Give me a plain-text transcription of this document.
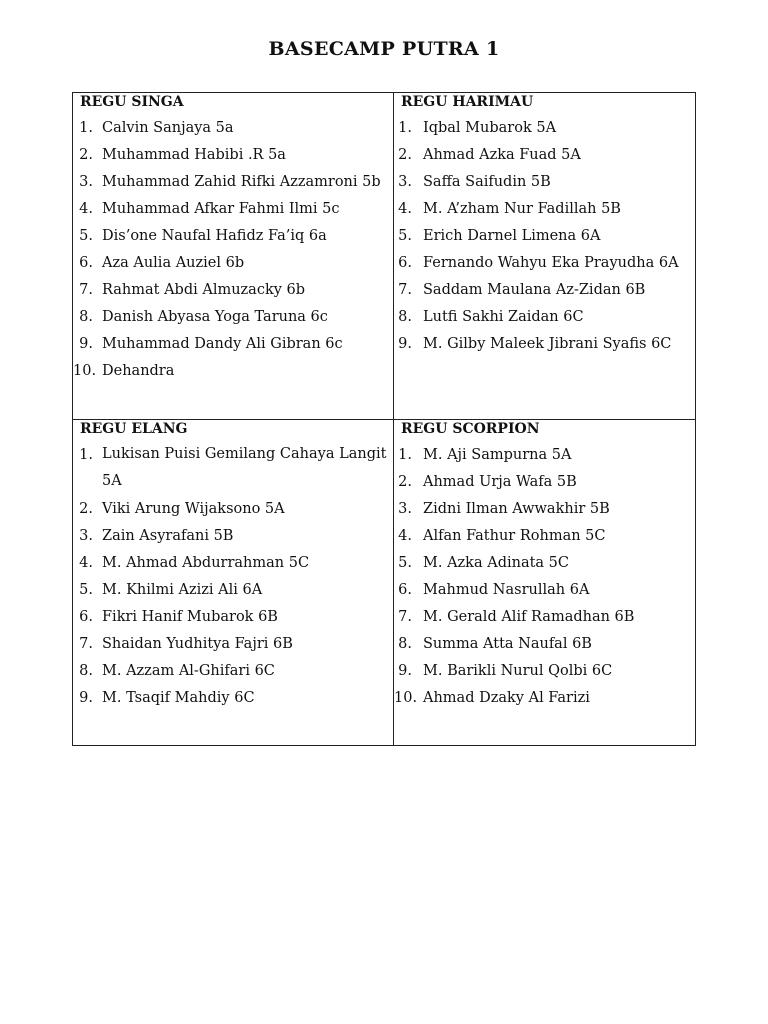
BASECAMP PUTRA 1
REGU SINGA
1. Calvin Sanjaya 5a
2. Muhammad Habibi .R 5a
3. Muhammad Zahid Rifki Azzamroni 5b
4. Muhammad Afkar Fahmi Ilmi 5c
5. Dis’one Naufal Hafidz Fa’iq 6a
6. Aza Aulia Auziel 6b
7. Rahmat Abdi Almuzacky 6b
8. Danish Abyasa Yoga Taruna 6c
9. Muhammad Dandy Ali Gibran 6c
10. Dehandra
REGU HARIMAU
1. Iqbal Mubarok 5A
2. Ahmad Azka Fuad 5A
3. Saffa Saifudin 5B
4. M. A’zham Nur Fadillah 5B
5. Erich Darnel Limena 6A
6. Fernando Wahyu Eka Prayudha 6A
7. Saddam Maulana Az-Zidan 6B
8. Lutfi Sakhi Zaidan 6C
9. M. Gilby Maleek Jibrani Syafis 6C
REGU ELANG
1. Lukisan Puisi Gemilang Cahaya Langit 5A
2. Viki Arung Wijaksono 5A
3. Zain Asyrafani 5B
4. M. Ahmad Abdurrahman 5C
5. M. Khilmi Azizi Ali 6A
6. Fikri Hanif Mubarok 6B
7. Shaidan Yudhitya Fajri 6B
8. M. Azzam Al-Ghifari 6C
9. M. Tsaqif Mahdiy 6C
REGU SCORPION
1. M. Aji Sampurna 5A
2. Ahmad Urja Wafa 5B
3. Zidni Ilman Awwakhir 5B
4. Alfan Fathur Rohman 5C
5. M. Azka Adinata 5C
6. Mahmud Nasrullah 6A
7. M. Gerald Alif Ramadhan 6B
8. Summa Atta Naufal 6B
9. M. Barikli Nurul Qolbi 6C
10. Ahmad Dzaky Al Farizi
